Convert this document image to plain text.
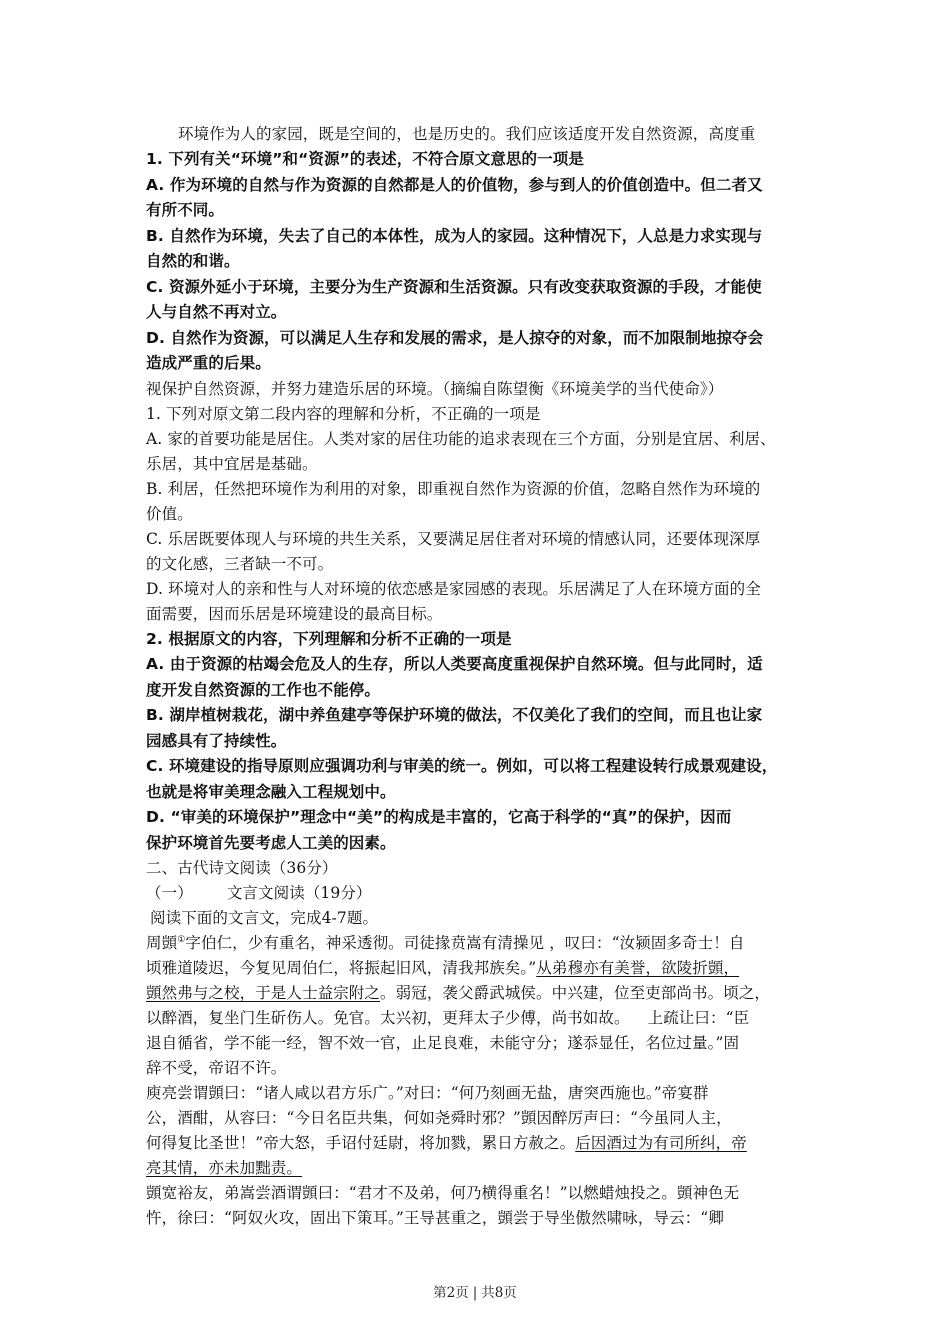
环境作为人的家园，既是空间的，也是历史的。我们应该适度开发自然资源，高度重
1. 下列有关“环境”和“资源”的表述，不符合原文意思的一项是
A. 作为环境的自然与作为资源的自然都是人的价值物，参与到人的价值创造中。但二者又
有所不同。
B. 自然作为环境，失去了自己的本体性，成为人的家园。这种情况下，人总是力求实现与
自然的和谐。
C. 资源外延小于环境，主要分为生产资源和生活资源。只有改变获取资源的手段，才能使
人与自然不再对立。
D. 自然作为资源，可以满足人生存和发展的需求，是人掠夺的对象，而不加限制地掠夺会
造成严重的后果。
视保护自然资源，并努力建造乐居的环境。（摘编自陈望衡《环境美学的当代使命》）
1. 下列对原文第二段内容的理解和分析，不正确的一项是
A. 家的首要功能是居住。人类对家的居住功能的追求表现在三个方面，分别是宜居、利居、
乐居，其中宜居是基础。
B. 利居，任然把环境作为利用的对象，即重视自然作为资源的价值，忽略自然作为环境的
价值。
C. 乐居既要体现人与环境的共生关系，又要满足居住者对环境的情感认同，还要体现深厚
的文化感，三者缺一不可。
D. 环境对人的亲和性与人对环境的依恋感是家园感的表现。乐居满足了人在环境方面的全
面需要，因而乐居是环境建设的最高目标。
2. 根据原文的内容，下列理解和分析不正确的一项是
A. 由于资源的枯竭会危及人的生存，所以人类要高度重视保护自然环境。但与此同时，适
度开发自然资源的工作也不能停。
B. 湖岸植树栽花，湖中养鱼建亭等保护环境的做法，不仅美化了我们的空间，而且也让家
园感具有了持续性。
C. 环境建设的指导原则应强调功利与审美的统一。例如，可以将工程建设转行成景观建设，
也就是将审美理念融入工程规划中。
D. “审美的环境保护”理念中“美”的构成是丰富的，它高于科学的“真”的保护，因而
保护环境首先要考虑人工美的因素。
二、古代诗文阅读（36分）
（一） 文言文阅读（19分）
阅读下面的文言文，完成4-7题。
周顗①字伯仁，少有重名，神采透彻。司徒掾贲嵩有清操见 ，叹曰：“汝颍固多奇士！自
顷雅道陵迟，今复见周伯仁，将振起旧风，清我邦族矣。”从弟穆亦有美誉，欲陵折顗，
顗然弗与之校，于是人士益宗附之。弱冠，袭父爵武城侯。中兴建，位至吏部尚书。顷之，
以醉酒，复坐门生斫伤人。免官。太兴初，更拜太子少傅，尚书如故。 上疏让曰：“臣
退自循省，学不能一经，智不效一官，止足良难，未能守分；遂忝显任，名位过量。”固
辞不受，帝诏不许。
庾亮尝谓顗曰：“诸人咸以君方乐广。”对曰：“何乃刻画无盐，唐突西施也。”帝宴群
公，酒酣，从容曰：“今日名臣共集，何如尧舜时邪？”顗因醉厉声曰：“今虽同人主，
何得复比圣世！”帝大怒，手诏付廷尉，将加戮，累日方赦之。后因酒过为有司所纠，帝
亮其情，亦未加黜责。
顗宽裕友，弟嵩尝酒谓顗曰：“君才不及弟，何乃横得重名！”以燃蜡烛投之。顗神色无
忤，徐曰：“阿奴火攻，固出下策耳。”王导甚重之，顗尝于导坐傲然啸咏，导云：“卿
第2页 | 共8页
